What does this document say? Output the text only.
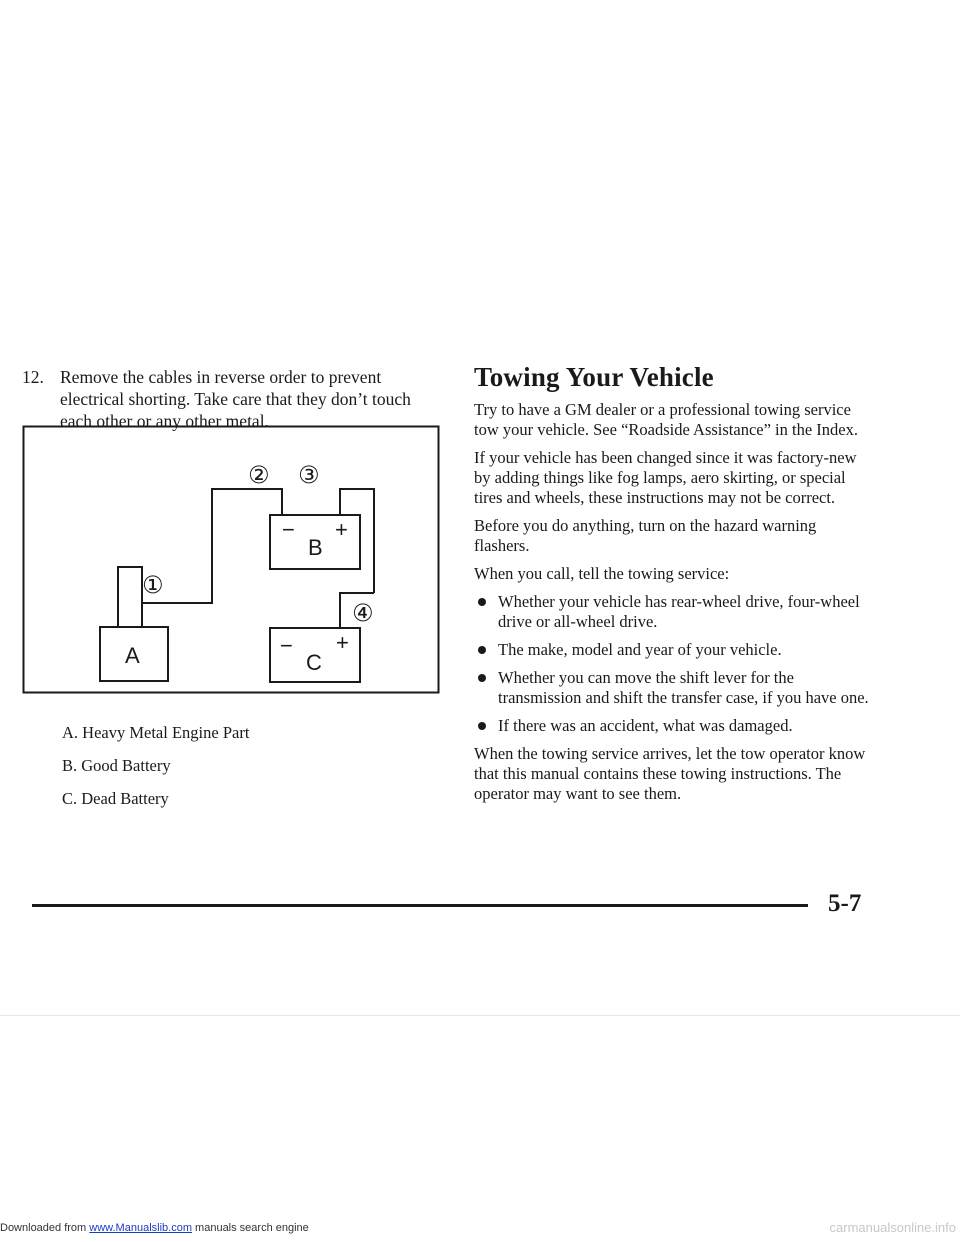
12. Remove the cables in reverse order to prevent electrical shorting. Take care that they don’t touch each other or any other metal.
− +
B
− +
C
A
② ③
①
④
A. Heavy Metal Engine Part
B. Good Battery
C. Dead Battery
Towing Your Vehicle

Try to have a GM dealer or a professional towing service tow your vehicle. See “Roadside Assistance” in the Index.

If your vehicle has been changed since it was factory-new by adding things like fog lamps, aero skirting, or special tires and wheels, these instructions may not be correct.

Before you do anything, turn on the hazard warning flashers.

When you call, tell the towing service:

Whether your vehicle has rear-wheel drive, four-wheel drive or all-wheel drive.
The make, model and year of your vehicle.
Whether you can move the shift lever for the transmission and shift the transfer case, if you have one.
If there was an accident, what was damaged.

When the towing service arrives, let the tow operator know that this manual contains these towing instructions. The operator may want to see them.

5-7
Downloaded from www.Manualslib.com manuals search engine	carmanualsonline.info
